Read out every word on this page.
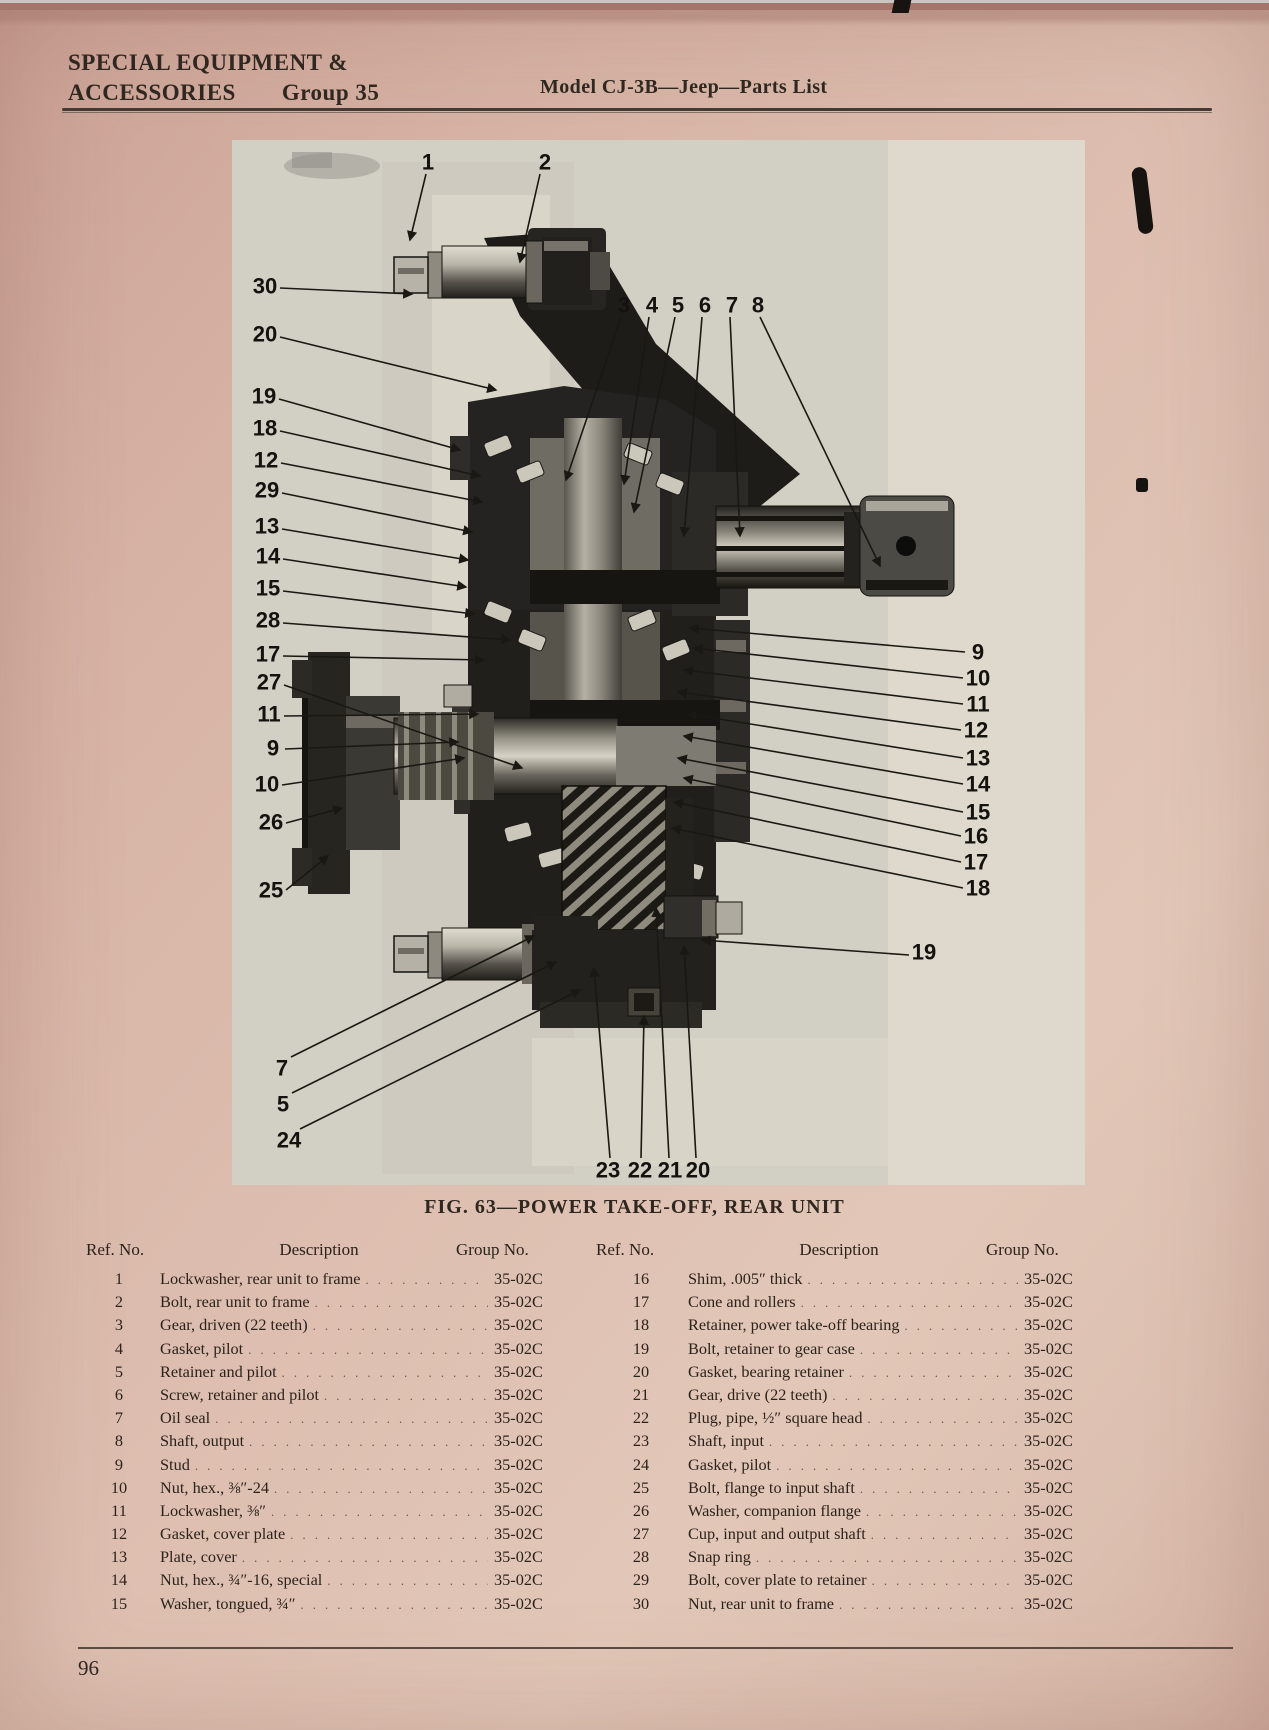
SPECIAL EQUIPMENT &
ACCESSORIES Group 35	Model CJ-3B—Jeep—Parts List
1	2
3 4 5 6 7 8
30
20
19
18
12
29
13
14
15
28
17
27
11
9
10
26
25
7
5
24
9
10
11
12
13
14
15
16
17
18
19
23 22 21 20
FIG. 63—POWER TAKE-OFF, REAR UNIT
Ref. No.	Description	Group No.
1	Lockwasher, rear unit to frame . . .	35-02C
2	Bolt, rear unit to frame . . .	35-02C
3	Gear, driven (22 teeth) . . .	35-02C
4	Gasket, pilot . . .	35-02C
5	Retainer and pilot . . .	35-02C
6	Screw, retainer and pilot . . .	35-02C
7	Oil seal . . .	35-02C
8	Shaft, output . . .	35-02C
9	Stud . . .	35-02C
10	Nut, hex., ⅜″-24 . . .	35-02C
11	Lockwasher, ⅜″ . . .	35-02C
12	Gasket, cover plate . . .	35-02C
13	Plate, cover . . .	35-02C
14	Nut, hex., ¾″-16, special . . .	35-02C
15	Washer, tongued, ¾″ . . .	35-02C
Ref. No.	Description	Group No.
16	Shim, .005″ thick . . .	35-02C
17	Cone and rollers . . .	35-02C
18	Retainer, power take-off bearing . . .	35-02C
19	Bolt, retainer to gear case . . .	35-02C
20	Gasket, bearing retainer . . .	35-02C
21	Gear, drive (22 teeth) . . .	35-02C
22	Plug, pipe, ½″ square head . . .	35-02C
23	Shaft, input . . .	35-02C
24	Gasket, pilot . . .	35-02C
25	Bolt, flange to input shaft . . .	35-02C
26	Washer, companion flange . . .	35-02C
27	Cup, input and output shaft . . .	35-02C
28	Snap ring . . .	35-02C
29	Bolt, cover plate to retainer . . .	35-02C
30	Nut, rear unit to frame . . .	35-02C
96
